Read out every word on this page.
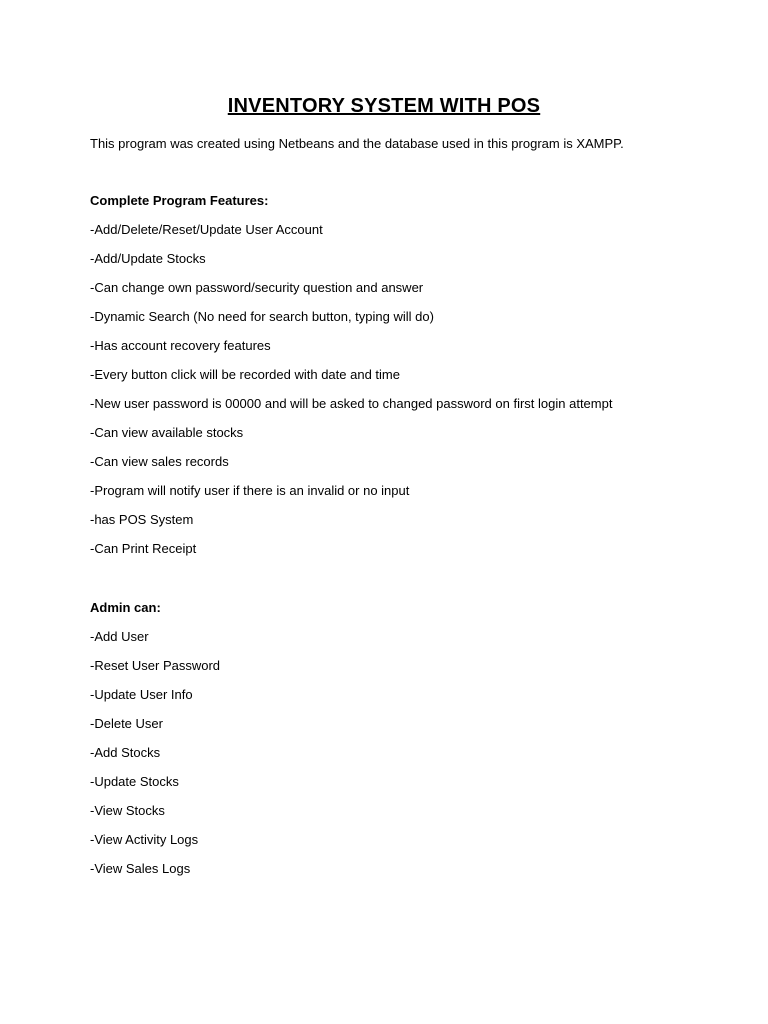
INVENTORY SYSTEM WITH POS
This program was created using Netbeans and the database used in this program is XAMPP.
Complete Program Features:
-Add/Delete/Reset/Update User Account
-Add/Update Stocks
-Can change own password/security question and answer
-Dynamic Search (No need for search button, typing will do)
-Has account recovery features
-Every button click will be recorded with date and time
-New user password is 00000 and will be asked to changed password on first login attempt
-Can view available stocks
-Can view sales records
-Program will notify user if there is an invalid or no input
-has POS System
-Can Print Receipt
Admin can:
-Add User
-Reset User Password
-Update User Info
-Delete User
-Add Stocks
-Update Stocks
-View Stocks
-View Activity Logs
-View Sales Logs
